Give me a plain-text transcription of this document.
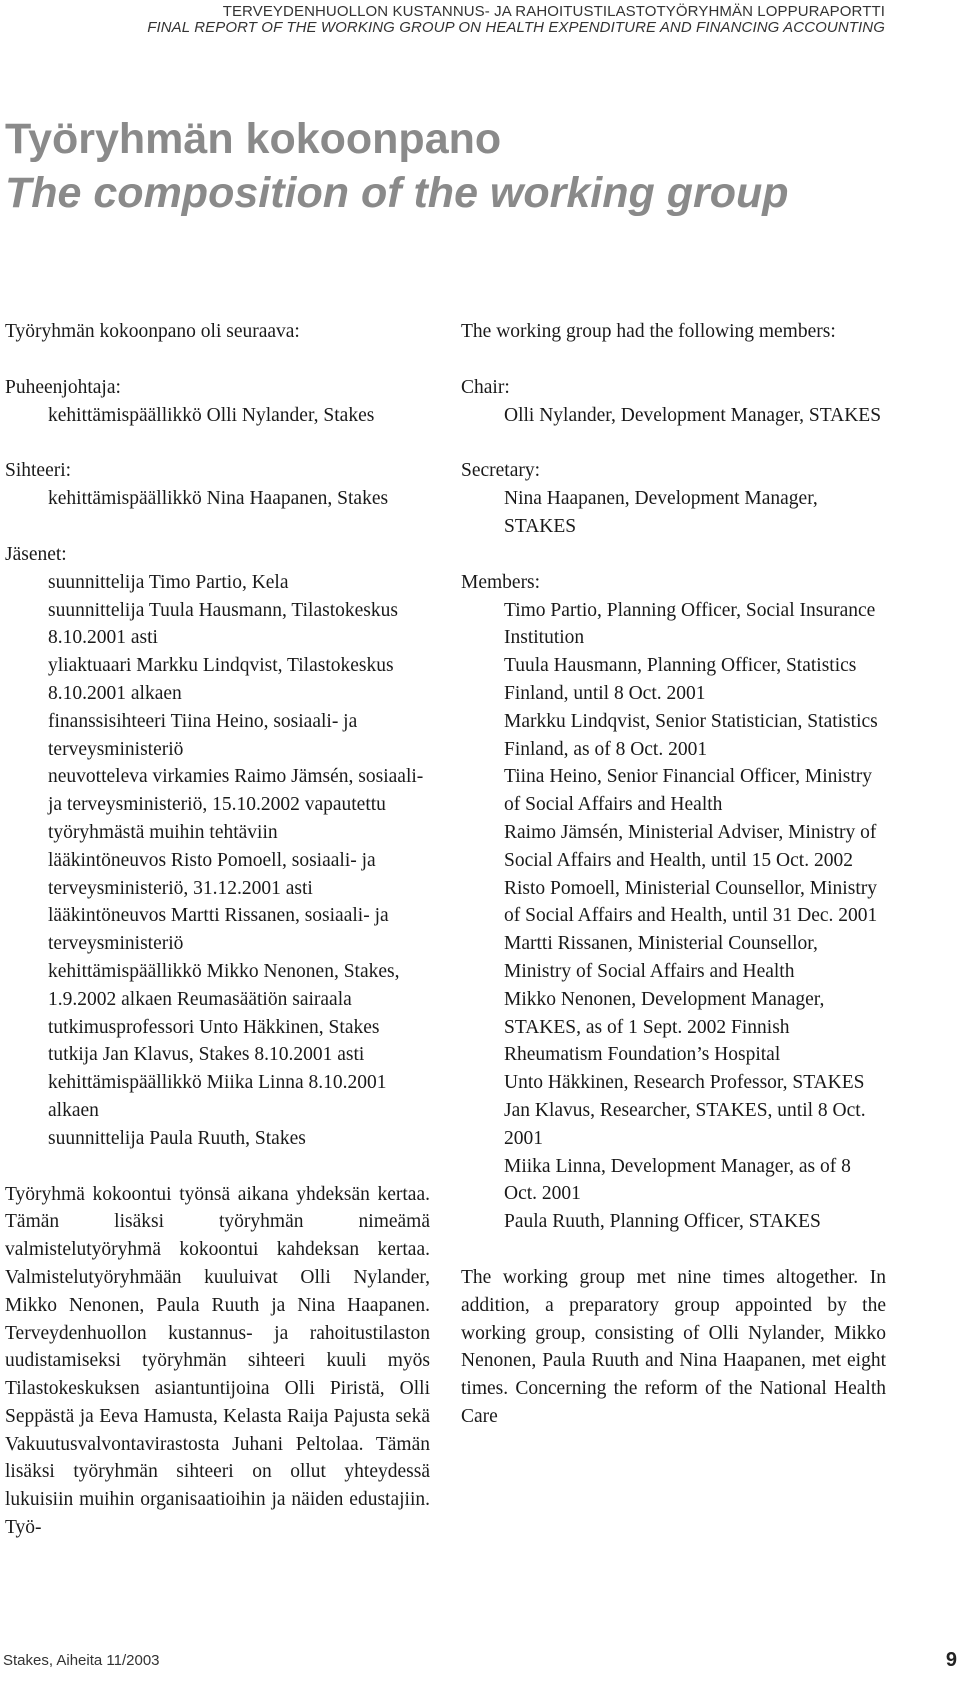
TERVEYDENHUOLLON KUSTANNUS- JA RAHOITUSTILASTOTYÖRYHMÄN LOPPURAPORTTI
FINAL REPORT OF THE WORKING GROUP ON HEALTH EXPENDITURE AND FINANCING ACCOUNTING
Työryhmän kokoonpano
The composition of the working group

Työryhmän kokoonpano oli seuraava:

Puheenjohtaja:

kehittämispäällikkö Olli Nylander, Stakes

Sihteeri:

kehittämispäällikkö Nina Haapanen, Stakes

Jäsenet:

suunnittelija Timo Partio, Kela

suunnittelija Tuula Hausmann, Tilastokeskus 8.10.2001 asti

yliaktuaari Markku Lindqvist, Tilastokeskus 8.10.2001 alkaen

finanssisihteeri Tiina Heino, sosiaali- ja terveysministeriö

neuvotteleva virkamies Raimo Jämsén, sosiaali- ja terveysministeriö, 15.10.2002 vapautettu työryhmästä muihin tehtäviin

lääkintöneuvos Risto Pomoell, sosiaali- ja terveysministeriö, 31.12.2001 asti

lääkintöneuvos Martti Rissanen, sosiaali- ja terveysministeriö

kehittämispäällikkö Mikko Nenonen, Stakes, 1.9.2002 alkaen Reumasäätiön sairaala

tutkimusprofessori Unto Häkkinen, Stakes

tutkija Jan Klavus, Stakes 8.10.2001 asti

kehittämispäällikkö Miika Linna 8.10.2001 alkaen

suunnittelija Paula Ruuth, Stakes

Työryhmä kokoontui työnsä aikana yhdeksän kertaa. Tämän lisäksi työryhmän nimeämä valmistelutyöryhmä kokoontui kahdeksan kertaa. Valmistelutyöryhmään kuuluivat Olli Nylander, Mikko Nenonen, Paula Ruuth ja Nina Haapanen. Terveydenhuollon kustannus- ja rahoitustilaston uudistamiseksi työryhmän sihteeri kuuli myös Tilastokeskuksen asiantuntijoina Olli Piristä, Olli Seppästä ja Eeva Hamusta, Kelasta Raija Pajusta sekä Vakuutusvalvontavirastosta Juhani Peltolaa. Tämän lisäksi työryhmän sihteeri on ollut yhteydessä lukuisiin muihin organisaatioihin ja näiden edustajiin. Työ-

The working group had the following members:

Chair:

Olli Nylander, Development Manager, STAKES

Secretary:

Nina Haapanen, Development Manager, STAKES

Members:

Timo Partio, Planning Officer, Social Insurance Institution

Tuula Hausmann, Planning Officer, Statistics Finland, until 8 Oct. 2001

Markku Lindqvist, Senior Statistician, Statistics Finland, as of 8 Oct. 2001

Tiina Heino, Senior Financial Officer, Ministry of Social Affairs and Health

Raimo Jämsén, Ministerial Adviser, Ministry of Social Affairs and Health, until 15 Oct. 2002

Risto Pomoell, Ministerial Counsellor, Ministry of Social Affairs and Health, until 31 Dec. 2001

Martti Rissanen, Ministerial Counsellor, Ministry of Social Affairs and Health

Mikko Nenonen, Development Manager, STAKES, as of 1 Sept. 2002 Finnish Rheumatism Foundation’s Hospital

Unto Häkkinen, Research Professor, STAKES

Jan Klavus, Researcher, STAKES, until 8 Oct. 2001

Miika Linna, Development Manager, as of 8 Oct. 2001

Paula Ruuth, Planning Officer, STAKES

The working group met nine times altogether. In addition, a preparatory group appointed by the working group, consisting of Olli Nylander, Mikko Nenonen, Paula Ruuth and Nina Haapanen, met eight times. Concerning the reform of the National Health Care

Stakes, Aiheita 11/2003	9
